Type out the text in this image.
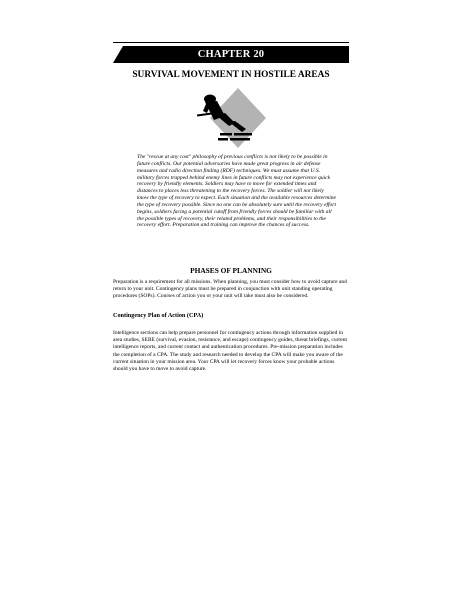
CHAPTER 20
SURVIVAL MOVEMENT IN HOSTILE AREAS

The "rescue at any cost" philosophy of previous conflicts is not likely to be possible in future conflicts. Our potential adversaries have made great progress in air defense measures and radio direction finding (RDF) techniques. We must assume that U.S. military forces trapped behind enemy lines in future conflicts may not experience quick recovery by friendly elements. Soldiers may have to move for extended times and distances to places less threatening to the recovery forces. The soldier will not likely know the type of recovery to expect. Each situation and the available resources determine the type of recovery possible. Since no one can be absolutely sure until the recovery effort begins, soldiers facing a potential cutoff from friendly forces should be familiar with all the possible types of recovery, their related problems, and their responsibilities to the recovery effort. Preparation and training can improve the chances of success.

PHASES OF PLANNING

Preparation is a requirement for all missions. When planning, you must consider how to avoid capture and return to your unit. Contingency plans must be prepared in conjunction with unit standing operating procedures (SOPs). Courses of action you or your unit will take must also be considered.

Contingency Plan of Action (CPA)

Intelligence sections can help prepare personnel for contingency actions through information supplied in area studies, SERE (survival, evasion, resistance, and escape) contingency guides, threat briefings, current intelligence reports, and current contact and authentication procedures. Pre-mission preparation includes the completion of a CPA. The study and research needed to develop the CPA will make you aware of the current situation in your mission area. Your CPA will let recovery forces know your probable actions should you have to move to avoid capture.
